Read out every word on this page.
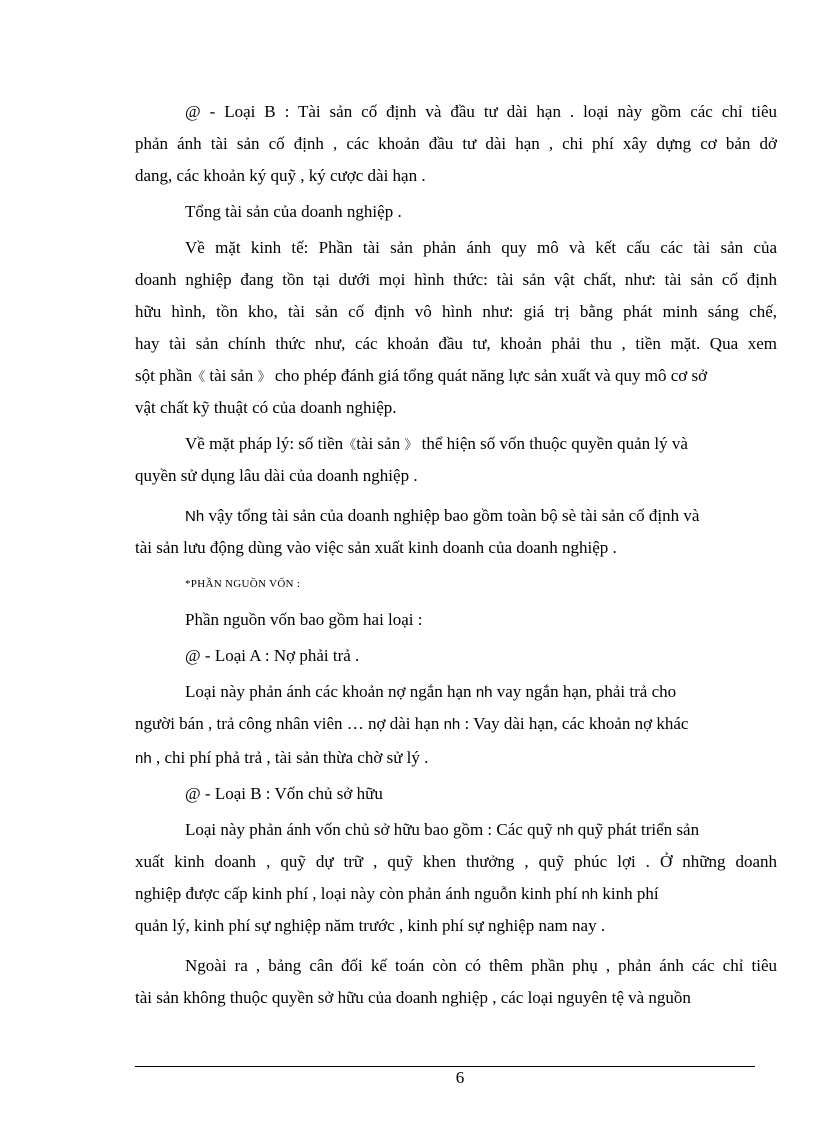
@ - Loại B : Tài sản cố định và đầu tư dài hạn . loại này gồm các chỉ tiêu
phản ánh tài sản cố định , các khoản đầu tư dài hạn , chi phí xây dựng cơ bản dở
dang, các khoản ký quỹ , ký cược dài hạn .
Tổng tài sản của doanh nghiệp .
Về mặt kinh tế: Phần tài sản phản ánh quy mô và kết cấu các tài sản của
doanh nghiệp đang tồn tại dưới mọi hình thức: tài sản vật chất, như: tài sản cố định
hữu hình, tồn kho, tài sản cố định vô hình như: giá trị bằng phát minh sáng chế,
hay tài sản chính thức như, các khoản đầu tư, khoản phải thu , tiền mặt. Qua xem
sột phần《 tài sản 》 cho phép đánh giá tổng quát năng lực sản xuất và quy mô cơ sở
vật chất kỹ thuật có của doanh nghiệp.
Về mặt pháp lý: số tiền《tài sản 》 thể hiện số vốn thuộc quyền quản lý và
quyền sử dụng lâu dài của doanh nghiệp .
Nh vậy tổng tài sản của doanh nghiệp bao gồm toàn bộ sè tài sản cố định và
tài sản lưu động dùng vào việc sản xuất kinh doanh của doanh nghiệp .
*PHẦN NGUỒN VỐN :
Phần nguồn vốn bao gồm hai loại :
@ - Loại A : Nợ phải trả .
Loại này phản ánh các khoản nợ ngắn hạn nh vay ngắn hạn, phải trả cho
người bán , trả công nhân viên … nợ dài hạn nh : Vay dài hạn, các khoản nợ khác
nh , chi phí phả trả , tài sản thừa chờ sử lý .
@ - Loại B : Vốn chủ sở hữu
Loại này phản ánh vốn chủ sở hữu bao gồm : Các quỹ nh quỹ phát triển sản
xuất kinh doanh , quỹ dự trữ , quỹ khen thưởng , quỹ phúc lợi . Ở những doanh
nghiệp được cấp kinh phí , loại này còn phản ánh nguỗn kinh phí nh kinh phí
quản lý, kinh phí sự nghiệp năm trước , kinh phí sự nghiệp nam nay .
Ngoài ra , bảng cân đối kế toán còn có thêm phần phụ , phản ánh các chỉ tiêu
tài sản không thuộc quyền sở hữu của doanh nghiệp , các loại nguyên tệ và nguồn
6
